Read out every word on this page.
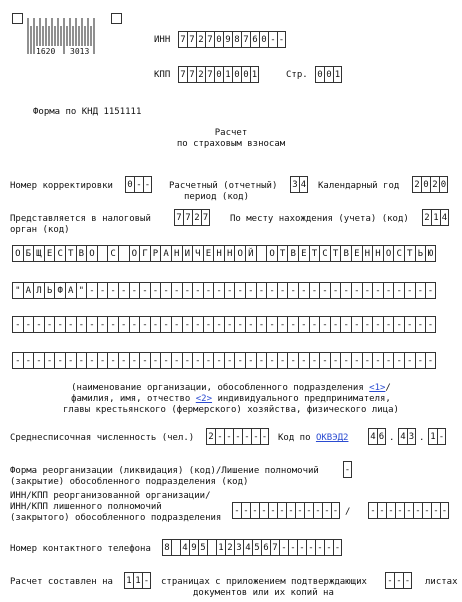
1620 3013
ИНН 7 7 2 7 0 9 8 7 6 0 - -
КПП 7 7 2 7 0 1 0 0 1	Стр. 0 0 1
Форма по КНД 1151111
Расчет
по страховым взносам
Номер корректировки 0 - - Расчетный (отчетный)
период (код)
3 4 Календарный год 2 0 2 0
Представляется в налоговый
орган (код)
7 7 2 7 По месту нахождения (учета) (код) 2 1 4
О Б Щ Е С Т В О	С	О Г Р А Н И Ч Е Н Н О Й	О Т В Е Т С Т В Е Н Н О С Т Ь Ю
" А Л Ь Ф А " - - - - - - - - - - - - - - - - - - - - - - - - - - - - - - - - -
- - - - - - - - - - - - - - - - - - - - - - - - - - - - - - - - - - - - - - - -
- - - - - - - - - - - - - - - - - - - - - - - - - - - - - - - - - - - - - - - -
(наименование организации, обособленного подразделения <1>/
фамилия, имя, отчество <2> индивидуального предпринимателя,
главы крестьянского (фермерского) хозяйства, физического лица)
Среднесписочная численность (чел.) 2 - - - - - - Код по ОКВЭД2 4 6 . 4 3 . 1 -
Форма реорганизации (ликвидация) (код)/Лишение полномочий
(закрытие) обособленного подразделения (код)
-
ИНН/КПП реорганизованной организации/
ИНН/КПП лишенного полномочий
(закрытого) обособленного подразделения
- - - - - - - - - - - - / - - - - - - - - -
Номер контактного телефона 8 4 9 5 1 2 3 4 5 6 7 - - - - - - -
Расчет составлен на 1 1 - страницах с приложением подтверждающих
документов или их копий на
- - - листах
